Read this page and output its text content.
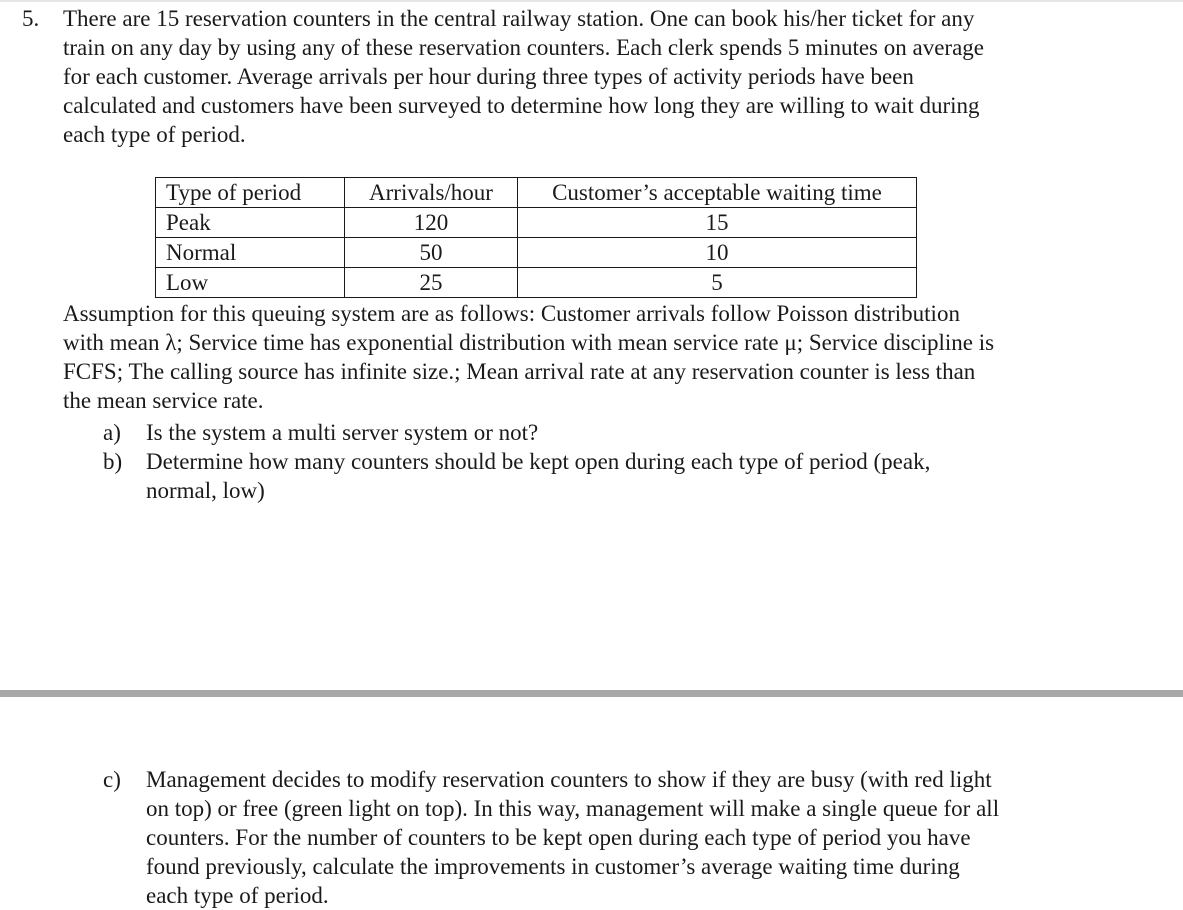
5. There are 15 reservation counters in the central railway station. One can book his/her ticket for any
train on any day by using any of these reservation counters. Each clerk spends 5 minutes on average
for each customer. Average arrivals per hour during three types of activity periods have been
calculated and customers have been surveyed to determine how long they are willing to wait during
each type of period.
Type of period	Arrivals/hour	Customer’s acceptable waiting time
Peak	120	15
Normal	50	10
Low	25	5
Assumption for this queuing system are as follows: Customer arrivals follow Poisson distribution
with mean λ; Service time has exponential distribution with mean service rate μ; Service discipline is
FCFS; The calling source has infinite size.; Mean arrival rate at any reservation counter is less than
the mean service rate.
a) Is the system a multi server system or not?
b) Determine how many counters should be kept open during each type of period (peak,
normal, low)
c) Management decides to modify reservation counters to show if they are busy (with red light
on top) or free (green light on top). In this way, management will make a single queue for all
counters. For the number of counters to be kept open during each type of period you have
found previously, calculate the improvements in customer’s average waiting time during
each type of period.
